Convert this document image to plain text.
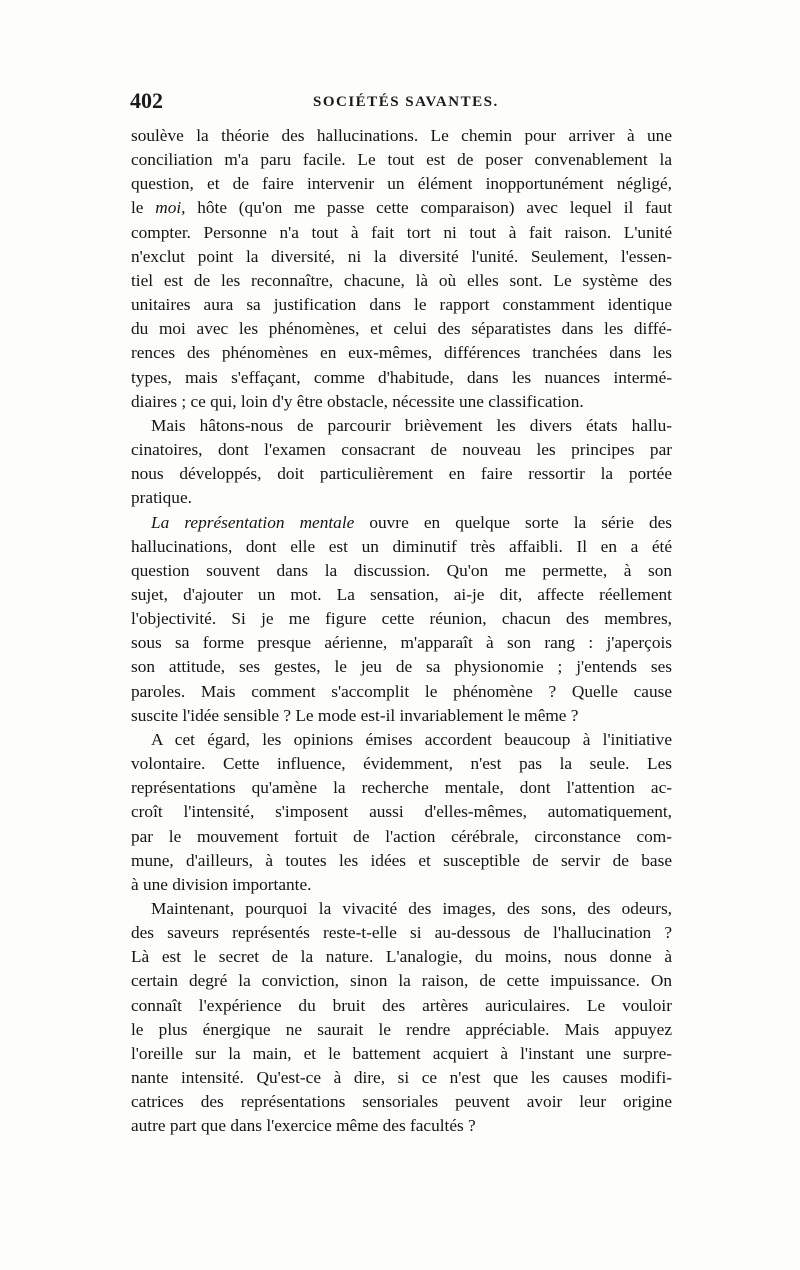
402	SOCIÉTÉS SAVANTES.

soulève la théorie des hallucinations. Le chemin pour arriver à une
conciliation m'a paru facile. Le tout est de poser convenablement la
question, et de faire intervenir un élément inopportunément négligé,
le moi, hôte (qu'on me passe cette comparaison) avec lequel il faut
compter. Personne n'a tout à fait tort ni tout à fait raison. L'unité
n'exclut point la diversité, ni la diversité l'unité. Seulement, l'essen-
tiel est de les reconnaître, chacune, là où elles sont. Le système des
unitaires aura sa justification dans le rapport constamment identique
du moi avec les phénomènes, et celui des séparatistes dans les diffé-
rences des phénomènes en eux-mêmes, différences tranchées dans les
types, mais s'effaçant, comme d'habitude, dans les nuances intermé-
diaires ; ce qui, loin d'y être obstacle, nécessite une classification.

Mais hâtons-nous de parcourir brièvement les divers états hallu-
cinatoires, dont l'examen consacrant de nouveau les principes par
nous développés, doit particulièrement en faire ressortir la portée
pratique.

La représentation mentale ouvre en quelque sorte la série des
hallucinations, dont elle est un diminutif très affaibli. Il en a été
question souvent dans la discussion. Qu'on me permette, à son
sujet, d'ajouter un mot. La sensation, ai-je dit, affecte réellement
l'objectivité. Si je me figure cette réunion, chacun des membres,
sous sa forme presque aérienne, m'apparaît à son rang : j'aperçois
son attitude, ses gestes, le jeu de sa physionomie ; j'entends ses
paroles. Mais comment s'accomplit le phénomène ? Quelle cause
suscite l'idée sensible ? Le mode est-il invariablement le même ?

A cet égard, les opinions émises accordent beaucoup à l'initiative
volontaire. Cette influence, évidemment, n'est pas la seule. Les
représentations qu'amène la recherche mentale, dont l'attention ac-
croît l'intensité, s'imposent aussi d'elles-mêmes, automatiquement,
par le mouvement fortuit de l'action cérébrale, circonstance com-
mune, d'ailleurs, à toutes les idées et susceptible de servir de base
à une division importante.

Maintenant, pourquoi la vivacité des images, des sons, des odeurs,
des saveurs représentés reste-t-elle si au-dessous de l'hallucination ?
Là est le secret de la nature. L'analogie, du moins, nous donne à
certain degré la conviction, sinon la raison, de cette impuissance. On
connaît l'expérience du bruit des artères auriculaires. Le vouloir
le plus énergique ne saurait le rendre appréciable. Mais appuyez
l'oreille sur la main, et le battement acquiert à l'instant une surpre-
nante intensité. Qu'est-ce à dire, si ce n'est que les causes modifi-
catrices des représentations sensoriales peuvent avoir leur origine
autre part que dans l'exercice même des facultés ?
